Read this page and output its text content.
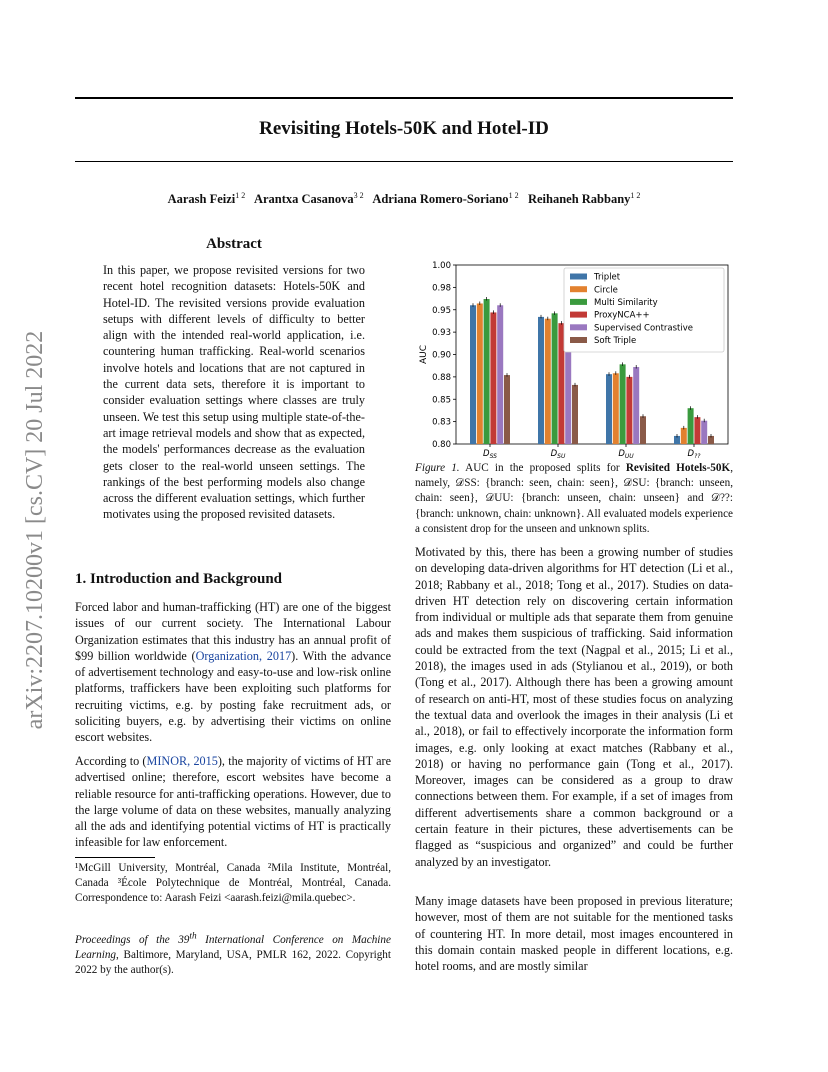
Revisiting Hotels-50K and Hotel-ID
Aarash Feizi$^{1 2}$ Arantxa Casanova$^{3 2}$ Adriana Romero-Soriano$^{1 2}$ Reihaneh Rabbany$^{1 2}$
arXiv:2207.10200v1 [cs.CV] 20 Jul 2022
Abstract
In this paper, we propose revisited versions for two recent hotel recognition datasets: Hotels-50K and Hotel-ID. The revisited versions provide evaluation setups with different levels of difficulty to better align with the intended real-world application, i.e. countering human trafficking. Real-world scenarios involve hotels and locations that are not captured in the current data sets, therefore it is important to consider evaluation settings where classes are truly unseen. We test this setup using multiple state-of-the-art image retrieval models and show that as expected, the models' performances decrease as the evaluation gets closer to the real-world unseen settings. The rankings of the best performing models also change across the different evaluation settings, which further motivates using the proposed revisited datasets.
1. Introduction and Background
Forced labor and human-trafficking (HT) are one of the biggest issues of our current society. The International Labour Organization estimates that this industry has an annual profit of $99 billion worldwide (Organization, 2017). With the advance of advertisement technology and easy-to-use and low-risk online platforms, traffickers have been exploiting such platforms for recruiting victims, e.g. by posting fake recruitment ads, or soliciting buyers, e.g. by advertising their victims on online escort websites.
According to (MINOR, 2015), the majority of victims of HT are advertised online; therefore, escort websites have become a reliable resource for anti-trafficking operations. However, due to the large volume of data on these websites, manually analyzing all the ads and identifying potential victims of HT is practically infeasible for law enforcement.
¹McGill University, Montréal, Canada ²Mila Institute, Montréal, Canada ³École Polytechnique de Montréal, Montréal, Canada. Correspondence to: Aarash Feizi <aarash.feizi@mila.quebec>.
Proceedings of the 39th International Conference on Machine Learning, Baltimore, Maryland, USA, PMLR 162, 2022. Copyright 2022 by the author(s).
0.80
0.83
0.85
0.88
0.90
0.93
0.95
0.98
1.00
AUC
$D_{SS}$	$D_{SU}$	$D_{UU}$	$D_{??}$
Triplet
Circle
Multi Similarity
ProxyNCA++
Supervised Contrastive
Soft Triple
Figure 1. AUC in the proposed splits for Revisited Hotels-50K, namely, 𝒟SS: {branch: seen, chain: seen}, 𝒟SU: {branch: unseen, chain: seen}, 𝒟UU: {branch: unseen, chain: unseen} and 𝒟??: {branch: unknown, chain: unknown}. All evaluated models experience a consistent drop for the unseen and unknown splits.
Motivated by this, there has been a growing number of studies on developing data-driven algorithms for HT detection (Li et al., 2018; Rabbany et al., 2018; Tong et al., 2017). Studies on data-driven HT detection rely on discovering certain information from individual or multiple ads that separate them from genuine ads and makes them suspicious of trafficking. Said information could be extracted from the text (Nagpal et al., 2015; Li et al., 2018), the images used in ads (Stylianou et al., 2019), or both (Tong et al., 2017). Although there has been a growing amount of research on anti-HT, most of these studies focus on analyzing the textual data and overlook the images in their analysis (Li et al., 2018), or fail to effectively incorporate the information form images, e.g. only looking at exact matches (Rabbany et al., 2018) or having no performance gain (Tong et al., 2017). Moreover, images can be considered as a group to draw connections between them. For example, if a set of images from different advertisements share a common background or a certain feature in their pictures, these advertisements can be flagged as “suspicious and organized” and could be further analyzed by an investigator.
Many image datasets have been proposed in previous literature; however, most of them are not suitable for the mentioned tasks of countering HT. In more detail, most images encountered in this domain contain masked people in different locations, e.g. hotel rooms, and are mostly similar
